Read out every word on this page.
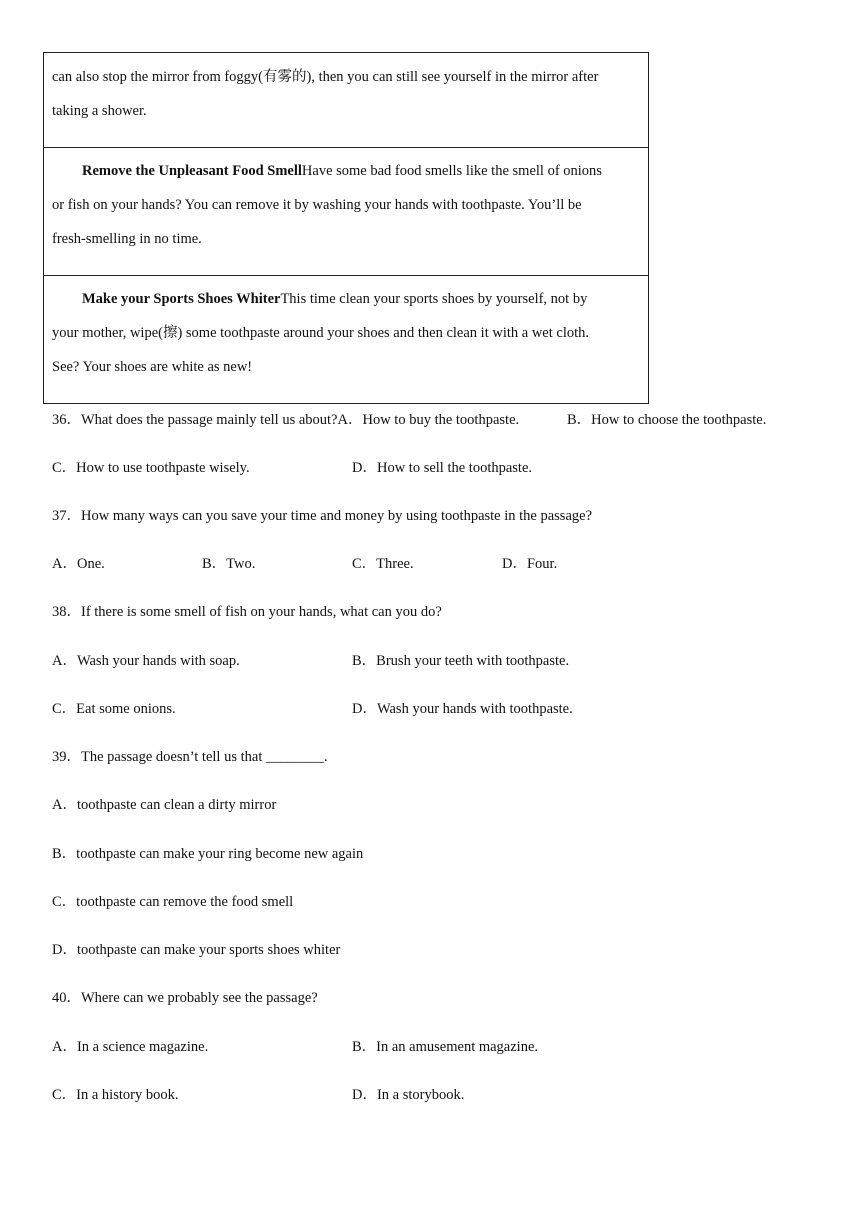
can also stop the mirror from foggy(有雾的), then you can still see yourself in the mirror after

taking a shower.

Remove the Unpleasant Food SmellHave some bad food smells like the smell of onions

or fish on your hands? You can remove it by washing your hands with toothpaste. You’ll be

fresh-smelling in no time.

Make your Sports Shoes WhiterThis time clean your sports shoes by yourself, not by

your mother, wipe(擦) some toothpaste around your shoes and then clean it with a wet cloth.

See? Your shoes are white as new!

36．What does the passage mainly tell us about?A．How to buy the toothpaste.	B．How to choose the toothpaste.
C．How to use toothpaste wisely.	D．How to sell the toothpaste.
37．How many ways can you save your time and money by using toothpaste in the passage?
A．One.	B．Two.	C．Three.	D．Four.
38．If there is some smell of fish on your hands, what can you do?
A．Wash your hands with soap.	B．Brush your teeth with toothpaste.
C．Eat some onions.	D．Wash your hands with toothpaste.
39．The passage doesn’t tell us that ________.
A．toothpaste can clean a dirty mirror
B．toothpaste can make your ring become new again
C．toothpaste can remove the food smell
D．toothpaste can make your sports shoes whiter
40．Where can we probably see the passage?
A．In a science magazine.	B．In an amusement magazine.
C．In a history book.	D．In a storybook.
